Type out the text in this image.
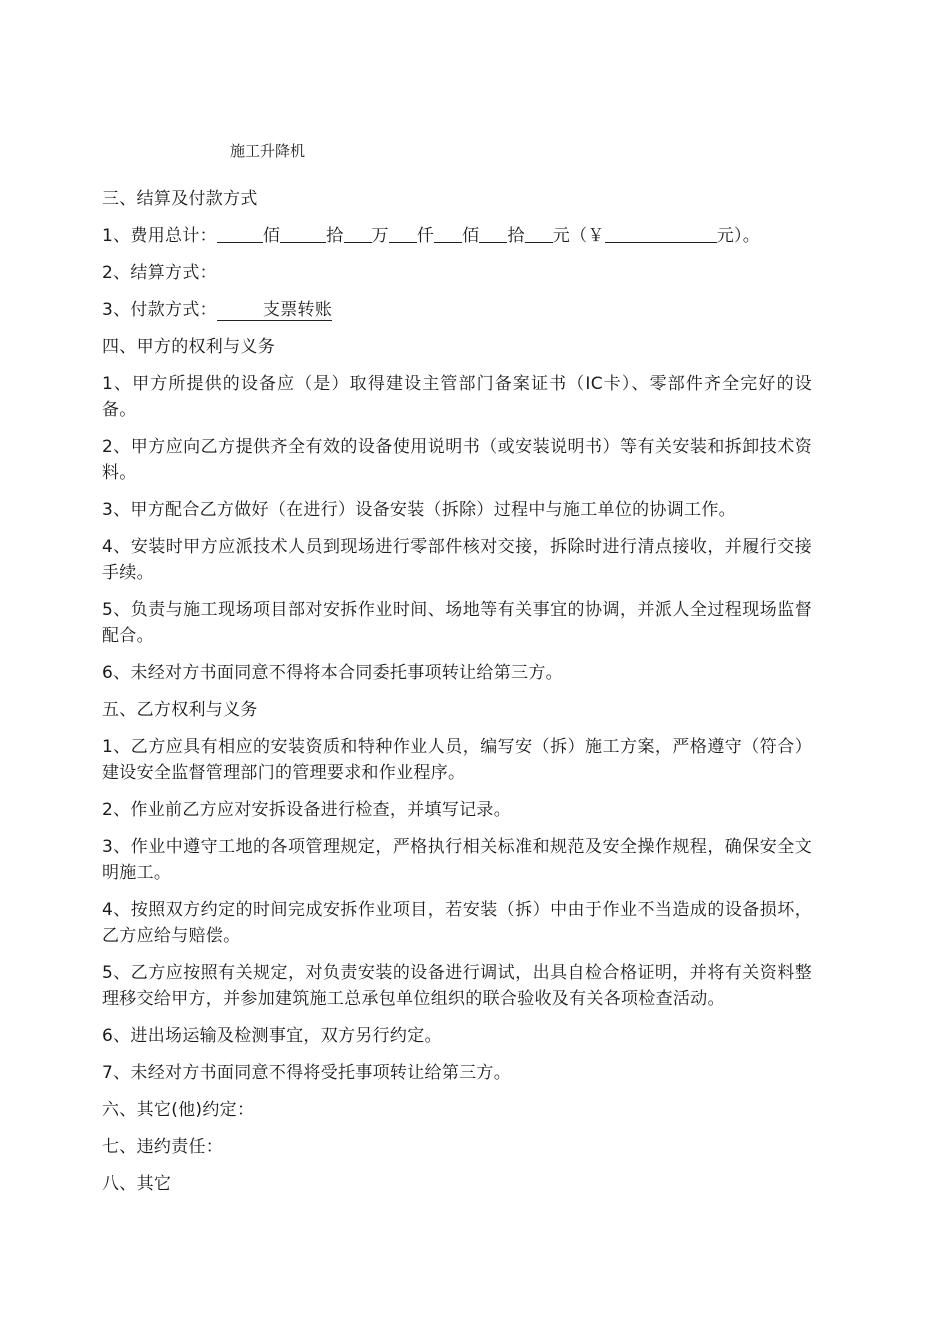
施工升降机

三、结算及付款方式

1、费用总计：	佰	拾 万 仟 佰 拾 元（￥	元）。

2、结算方式：

3、付款方式：	支票转账

四、甲方的权利与义务

1、甲方所提供的设备应（是）取得建设主管部门备案证书（IC卡）、零部件齐全完好的设备。

2、甲方应向乙方提供齐全有效的设备使用说明书（或安装说明书）等有关安装和拆卸技术资料。

3、甲方配合乙方做好（在进行）设备安装（拆除）过程中与施工单位的协调工作。

4、安装时甲方应派技术人员到现场进行零部件核对交接，拆除时进行清点接收，并履行交接手续。

5、负责与施工现场项目部对安拆作业时间、场地等有关事宜的协调，并派人全过程现场监督配合。

6、未经对方书面同意不得将本合同委托事项转让给第三方。

五、乙方权利与义务

1、乙方应具有相应的安装资质和特种作业人员，编写安（拆）施工方案，严格遵守（符合）建设安全监督管理部门的管理要求和作业程序。

2、作业前乙方应对安拆设备进行检查，并填写记录。

3、作业中遵守工地的各项管理规定，严格执行相关标准和规范及安全操作规程，确保安全文明施工。

4、按照双方约定的时间完成安拆作业项目，若安装（拆）中由于作业不当造成的设备损坏，乙方应给与赔偿。

5、乙方应按照有关规定，对负责安装的设备进行调试，出具自检合格证明，并将有关资料整理移交给甲方，并参加建筑施工总承包单位组织的联合验收及有关各项检查活动。

6、进出场运输及检测事宜，双方另行约定。

7、未经对方书面同意不得将受托事项转让给第三方。

六、其它(他)约定：

七、违约责任：

八、其它
